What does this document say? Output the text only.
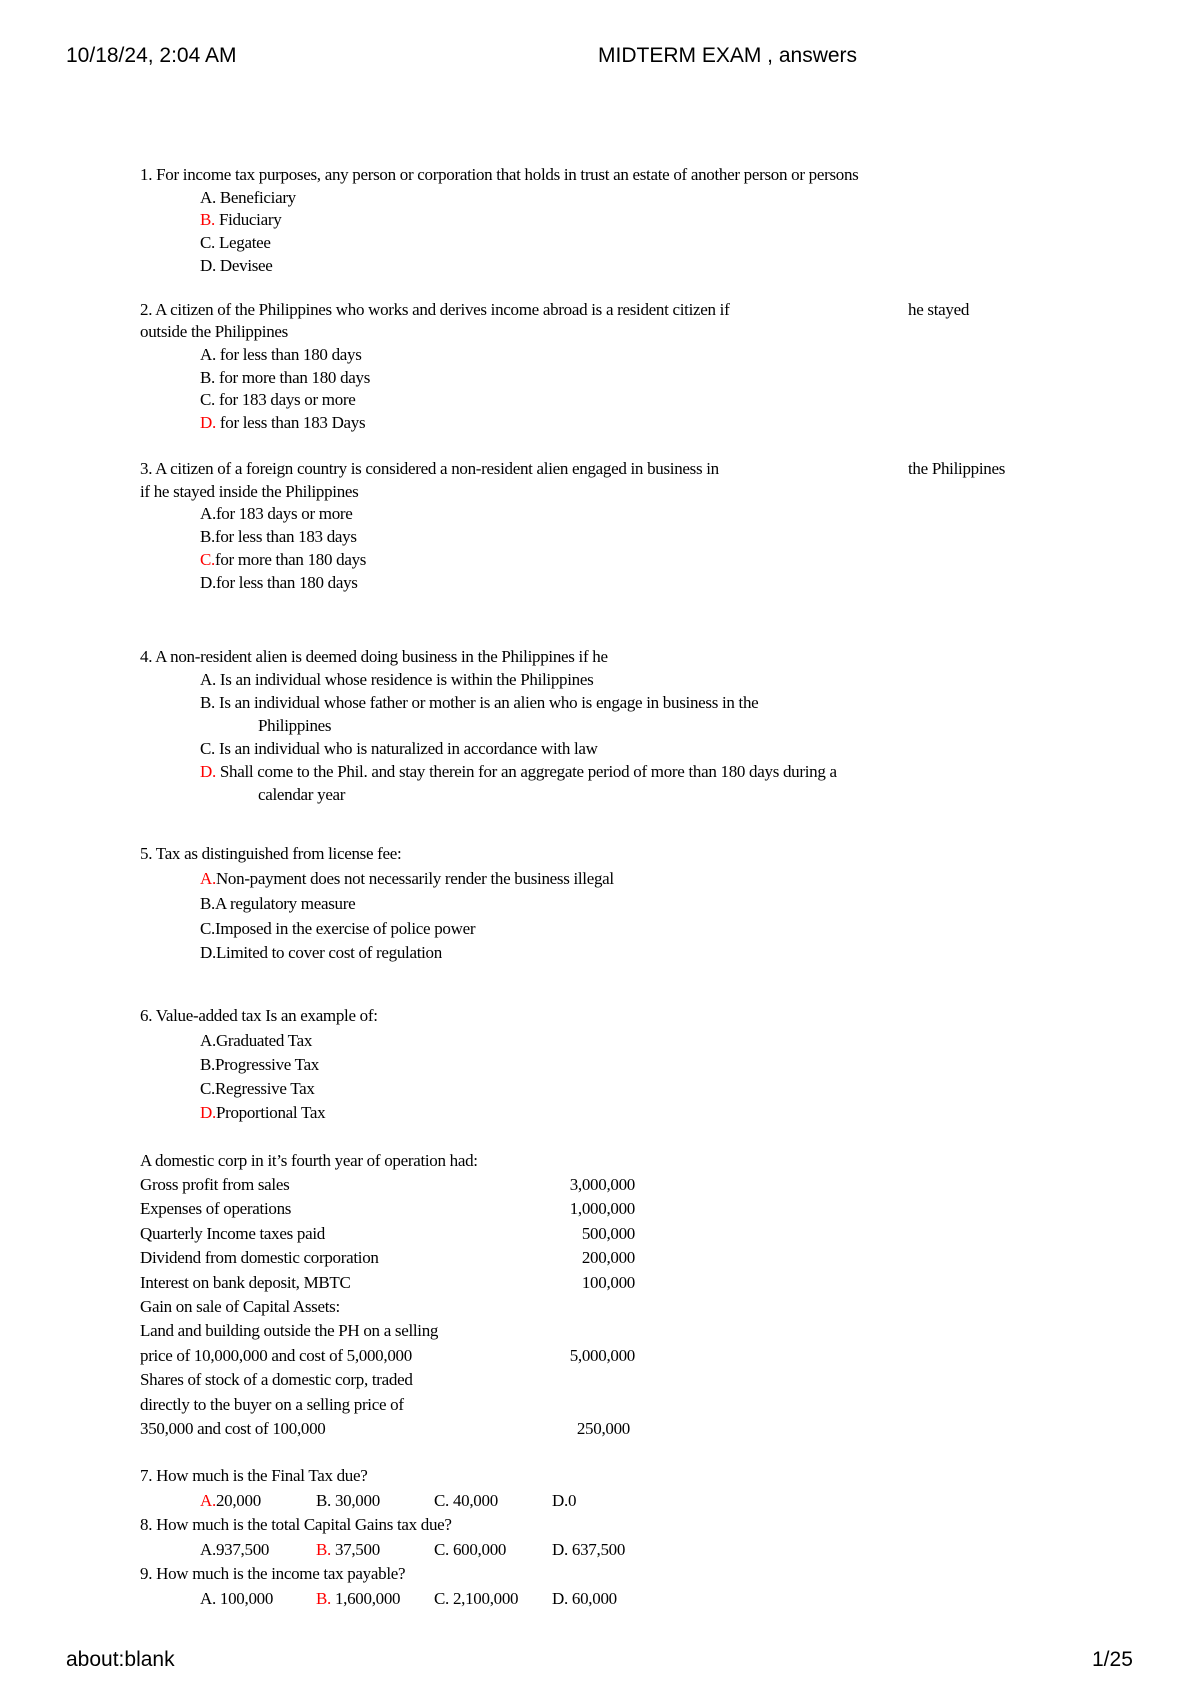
10/18/24, 2:04 AM	MIDTERM EXAM , answers
1. For income tax purposes, any person or corporation that holds in trust an estate of another person or persons
A. Beneficiary
B. Fiduciary
C. Legatee
D. Devisee
2. A citizen of the Philippines who works and derives income abroad is a resident citizen if	he stayed
outside the Philippines
A. for less than 180 days
B. for more than 180 days
C. for 183 days or more
D. for less than 183 Days
3. A citizen of a foreign country is considered a non-resident alien engaged in business in	the Philippines
if he stayed inside the Philippines
A.for 183 days or more
B.for less than 183 days
C.for more than 180 days
D.for less than 180 days
4. A non-resident alien is deemed doing business in the Philippines if he
A. Is an individual whose residence is within the Philippines
B. Is an individual whose father or mother is an alien who is engage in business in the
Philippines
C. Is an individual who is naturalized in accordance with law
D. Shall come to the Phil. and stay therein for an aggregate period of more than 180 days during a
calendar year
5. Tax as distinguished from license fee:
A.Non-payment does not necessarily render the business illegal
B.A regulatory measure
C.Imposed in the exercise of police power
D.Limited to cover cost of regulation
6. Value-added tax Is an example of:
A.Graduated Tax
B.Progressive Tax
C.Regressive Tax
D.Proportional Tax
A domestic corp in it’s fourth year of operation had:
Gross profit from sales	3,000,000
Expenses of operations	1,000,000
Quarterly Income taxes paid	500,000
Dividend from domestic corporation	200,000
Interest on bank deposit, MBTC	100,000
Gain on sale of Capital Assets:
Land and building outside the PH on a selling
price of 10,000,000 and cost of 5,000,000	5,000,000
Shares of stock of a domestic corp, traded
directly to the buyer on a selling price of
350,000 and cost of 100,000	250,000
7. How much is the Final Tax due?
A.20,000	B. 30,000	C. 40,000	D.0
8. How much is the total Capital Gains tax due?
A.937,500	B. 37,500	C. 600,000	D. 637,500
9. How much is the income tax payable?
A. 100,000	B. 1,600,000 C. 2,100,000 D. 60,000
about:blank	1/25
